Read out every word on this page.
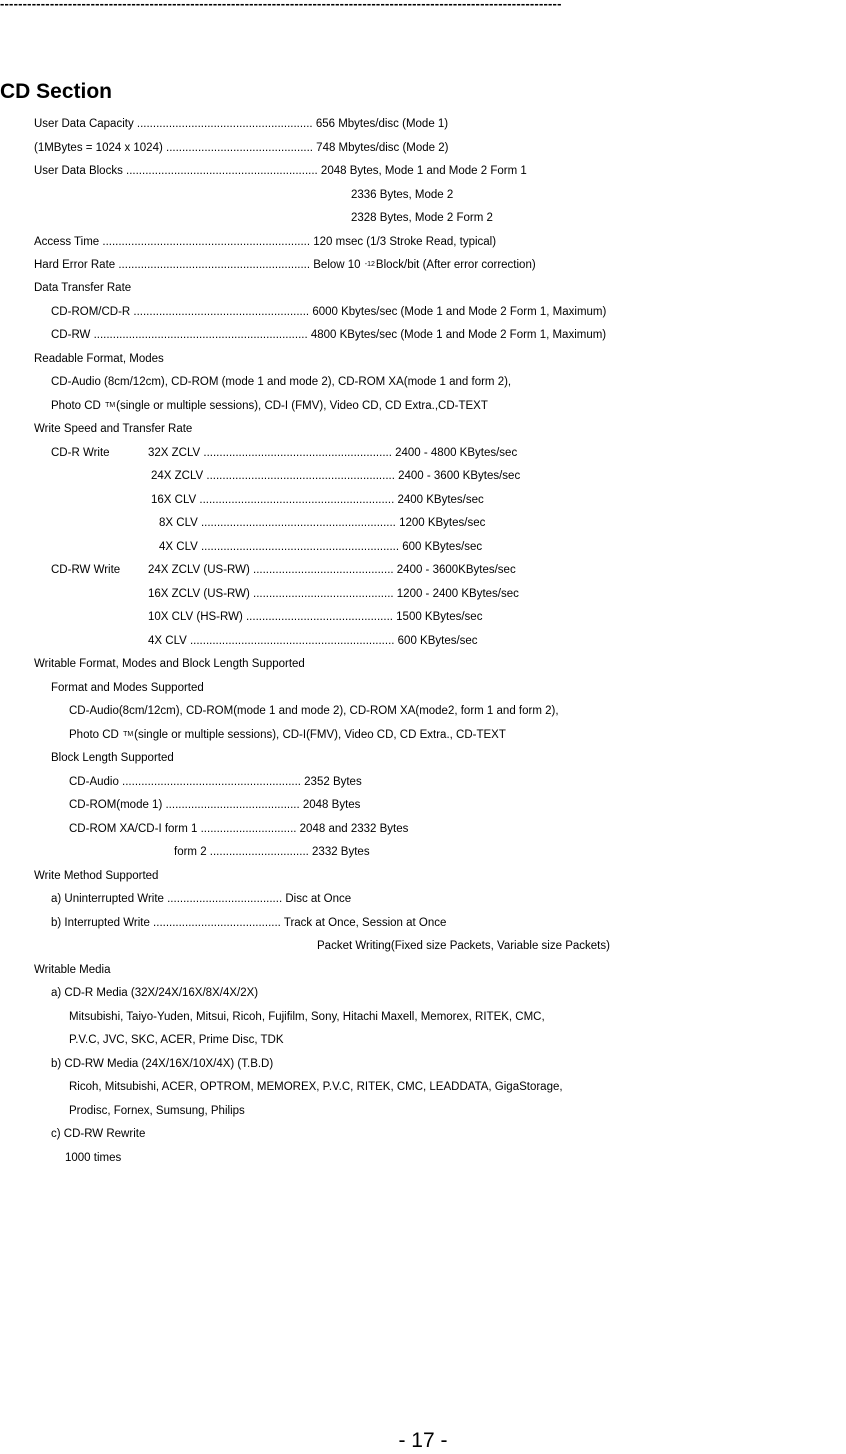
----------------------------------------------------------------------------------------------------------------------------
CD Section
User Data Capacity ....................................................... 656 Mbytes/disc (Mode 1)
(1MBytes = 1024 x 1024) .............................................. 748 Mbytes/disc (Mode 2)
User Data Blocks ............................................................ 2048 Bytes, Mode 1 and Mode 2 Form 1
2336 Bytes, Mode 2
2328 Bytes, Mode 2 Form 2
Access Time ................................................................. 120 msec (1/3 Stroke Read, typical)
Hard Error Rate ............................................................ Below 10 $^{-12}$Block/bit (After error correction)
Data Transfer Rate
CD-ROM/CD-R ....................................................... 6000 Kbytes/sec (Mode 1 and Mode 2 Form 1, Maximum)
CD-RW ................................................................... 4800 KBytes/sec (Mode 1 and Mode 2 Form 1, Maximum)
Readable Format, Modes
CD-Audio (8cm/12cm), CD-ROM (mode 1 and mode 2), CD-ROM XA(mode 1 and form 2),
Photo CD ™(single or multiple sessions), CD-I (FMV), Video CD, CD Extra.,CD-TEXT
Write Speed and Transfer Rate
CD-R Write	32X ZCLV ........................................................... 2400 - 4800 KBytes/sec
24X ZCLV ........................................................... 2400 - 3600 KBytes/sec
16X CLV ............................................................. 2400 KBytes/sec
8X CLV ............................................................. 1200 KBytes/sec
4X CLV .............................................................. 600 KBytes/sec
CD-RW Write 24X ZCLV (US-RW) ............................................ 2400 - 3600KBytes/sec
16X ZCLV (US-RW) ............................................ 1200 - 2400 KBytes/sec
10X CLV (HS-RW) .............................................. 1500 KBytes/sec
4X CLV ................................................................ 600 KBytes/sec
Writable Format, Modes and Block Length Supported
Format and Modes Supported
CD-Audio(8cm/12cm), CD-ROM(mode 1 and mode 2), CD-ROM XA(mode2, form 1 and form 2),
Photo CD ™(single or multiple sessions), CD-I(FMV), Video CD, CD Extra., CD-TEXT
Block Length Supported
CD-Audio ........................................................ 2352 Bytes
CD-ROM(mode 1) .......................................... 2048 Bytes
CD-ROM XA/CD-I form 1 .............................. 2048 and 2332 Bytes
form 2 ............................... 2332 Bytes
Write Method Supported
a) Uninterrupted Write .................................... Disc at Once
b) Interrupted Write ........................................ Track at Once, Session at Once
Packet Writing(Fixed size Packets, Variable size Packets)
Writable Media
a) CD-R Media (32X/24X/16X/8X/4X/2X)
Mitsubishi, Taiyo-Yuden, Mitsui, Ricoh, Fujifilm, Sony, Hitachi Maxell, Memorex, RITEK, CMC,
P.V.C, JVC, SKC, ACER, Prime Disc, TDK
b) CD-RW Media (24X/16X/10X/4X) (T.B.D)
Ricoh, Mitsubishi, ACER, OPTROM, MEMOREX, P.V.C, RITEK, CMC, LEADDATA, GigaStorage,
Prodisc, Fornex, Sumsung, Philips
c) CD-RW Rewrite
1000 times
- 17 -
